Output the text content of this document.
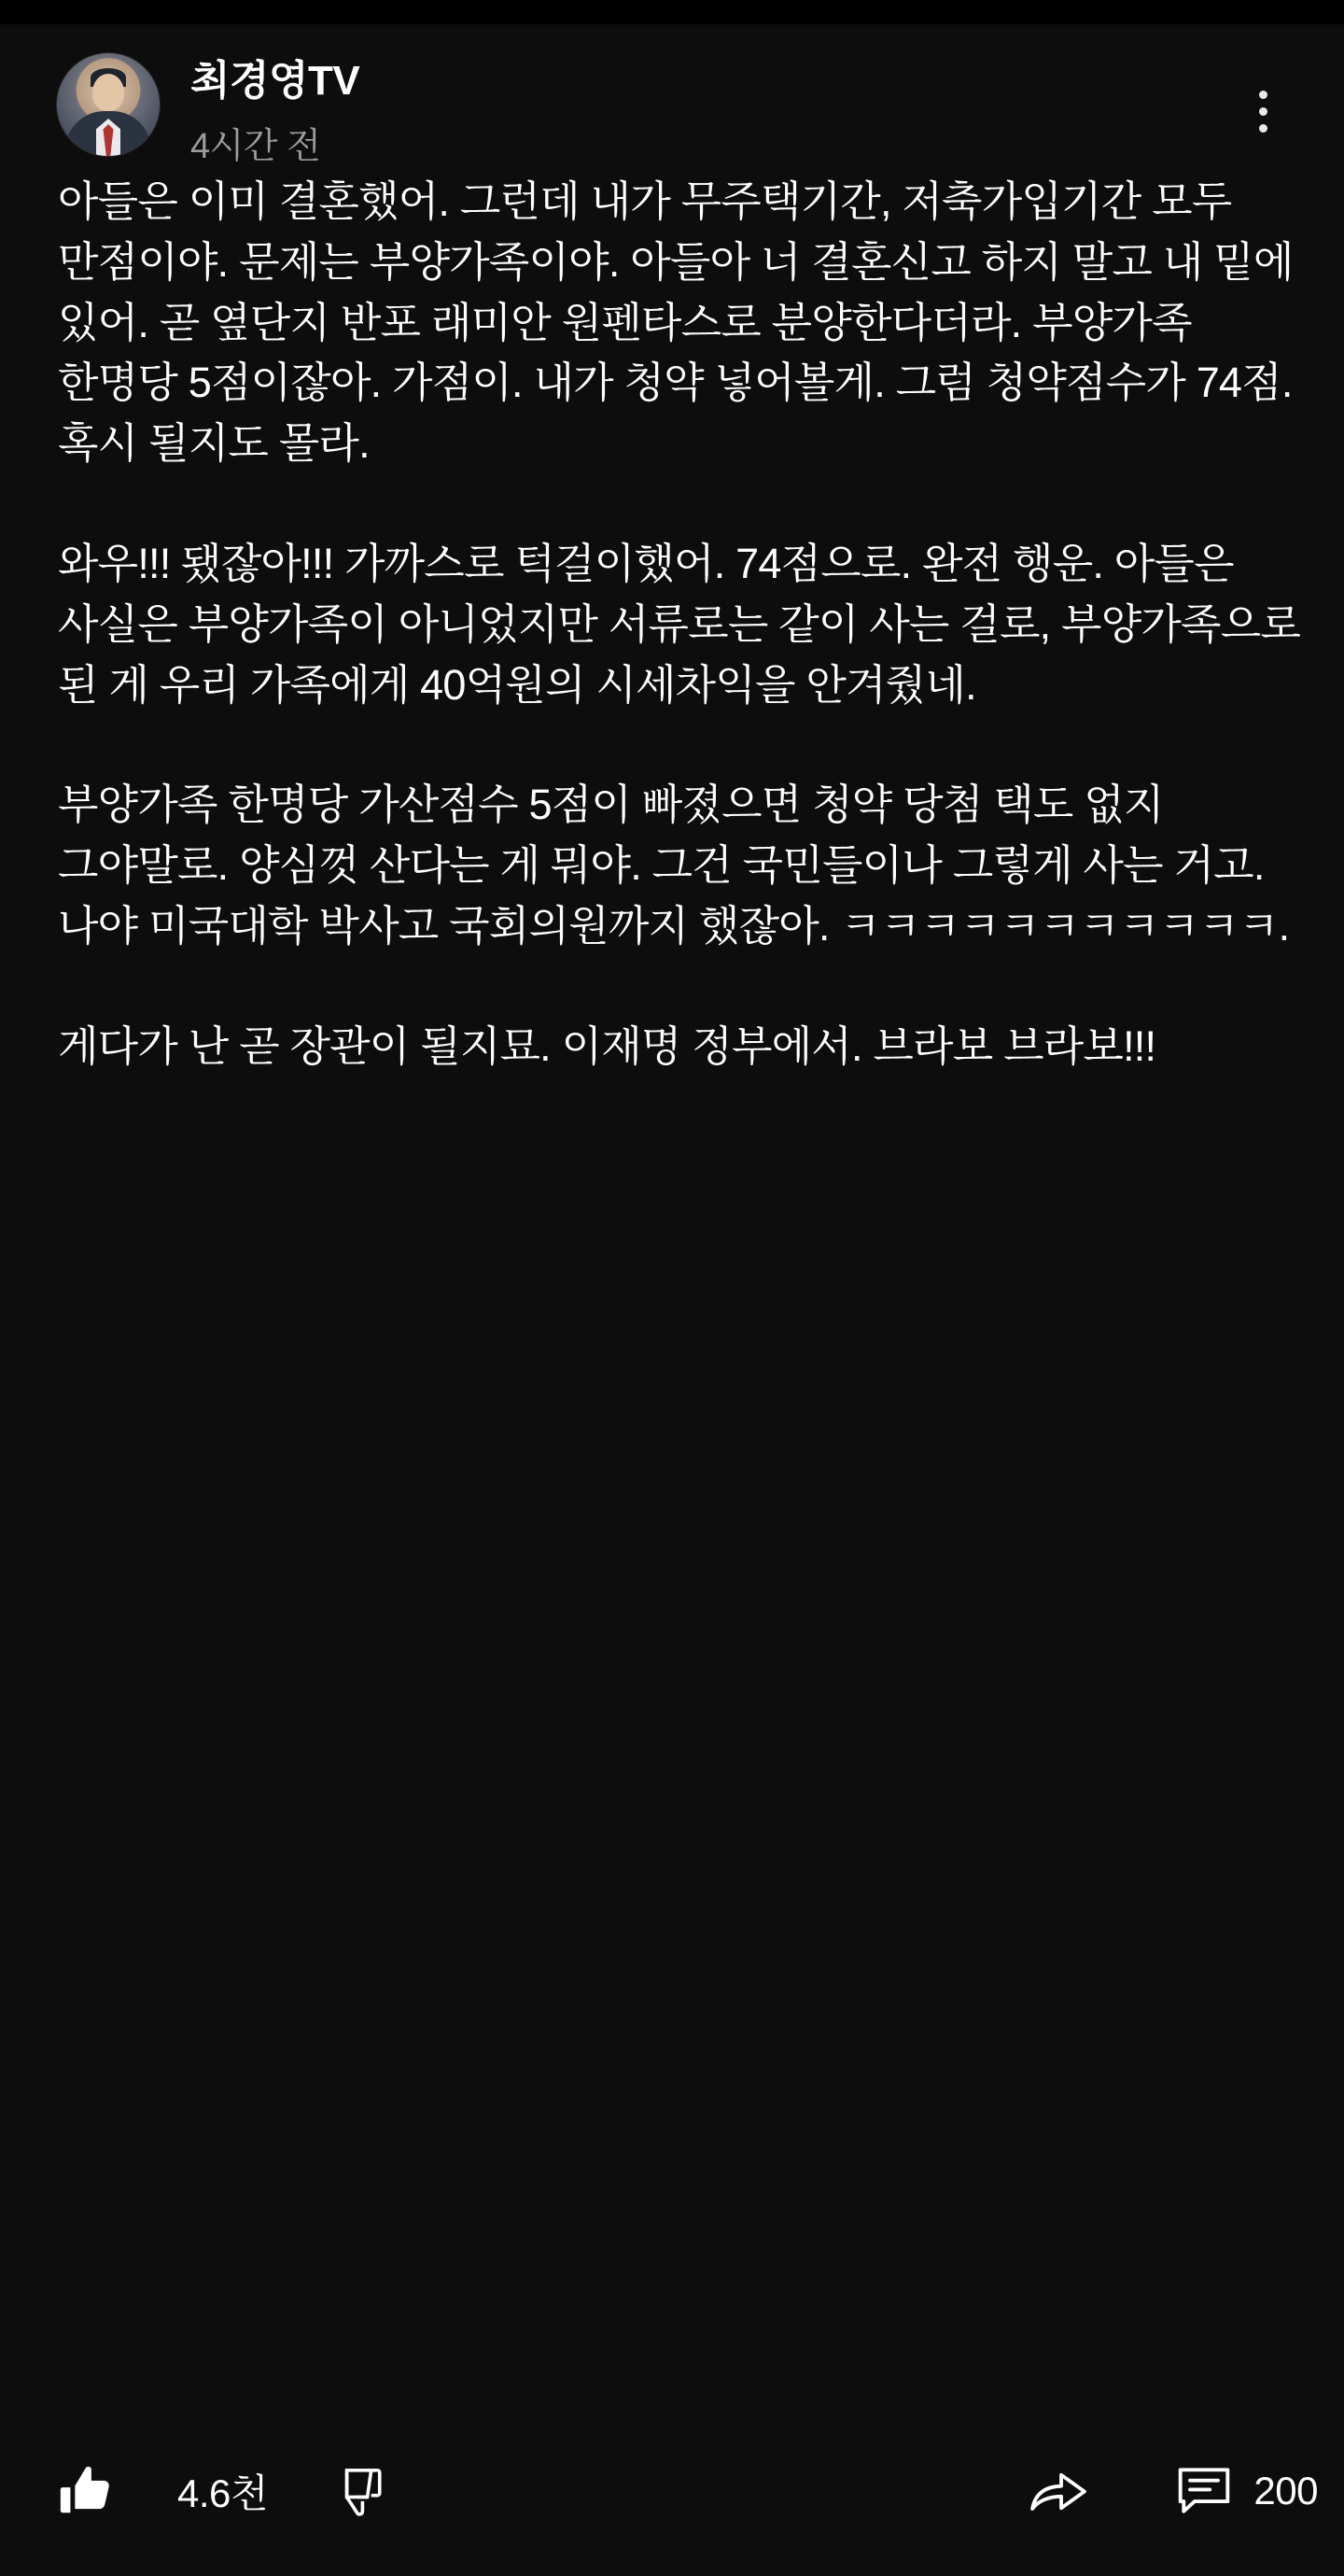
최경영TV
4시간 전

아들은 이미 결혼했어. 그런데 내가 무주택기간, 저축가입기간 모두 만점이야. 문제는 부양가족이야. 아들아 너 결혼신고 하지 말고 내 밑에 있어. 곧 옆단지 반포 래미안 원펜타스로 분양한다더라. 부양가족 한명당 5점이잖아. 가점이. 내가 청약 넣어볼게. 그럼 청약점수가 74점. 혹시 될지도 몰라.

와우!!! 됐잖아!!! 가까스로 턱걸이했어. 74점으로. 완전 행운. 아들은 사실은 부양가족이 아니었지만 서류로는 같이 사는 걸로, 부양가족으로 된 게 우리 가족에게 40억원의 시세차익을 안겨줬네.

부양가족 한명당 가산점수 5점이 빠졌으면 청약 당첨 택도 없지 그야말로. 양심껏 산다는 게 뭐야. 그건 국민들이나 그렇게 사는 거고. 나야 미국대학 박사고 국회의원까지 했잖아. ㅋㅋㅋㅋㅋㅋㅋㅋㅋㅋㅋ.

게다가 난 곧 장관이 될지묘. 이재명 정부에서. 브라보 브라보!!!

4.6천	200
